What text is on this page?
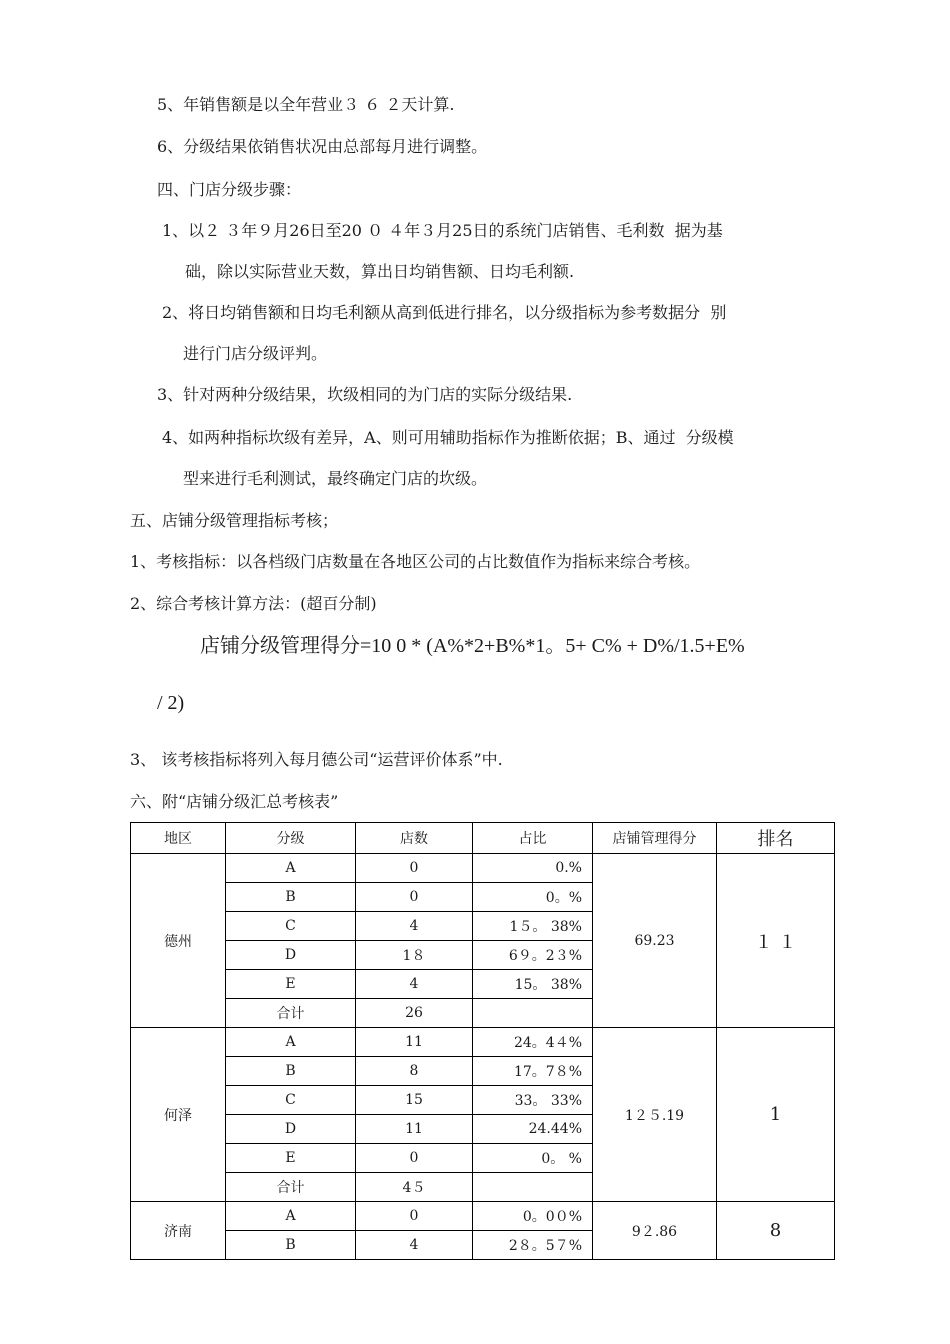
5、年销售额是以全年营业３ ６ ２天计算.
6、分级结果依销售状况由总部每月进行调整。
四、门店分级步骤：
1、以２ ３年９月26日至20 ０ ４年３月25日的系统门店销售、毛利数  据为基
础，除以实际营业天数，算出日均销售额、日均毛利额.
2、将日均销售额和日均毛利额从高到低进行排名，以分级指标为参考数据分  别
进行门店分级评判。
3、针对两种分级结果，坎级相同的为门店的实际分级结果.
4、如两种指标坎级有差异，A、则可用辅助指标作为推断依据；B、通过  分级模
型来进行毛利测试，最终确定门店的坎级。
五、店铺分级管理指标考核；
1、考核指标：以各档级门店数量在各地区公司的占比数值作为指标来综合考核。
2、综合考核计算方法：(超百分制)
店铺分级管理得分=10 0 * (A%*2+B%*1。5+ C% + D%/1.5+E%
/ 2)
3、 该考核指标将列入每月德公司“运营评价体系”中.
六、附“店铺分级汇总考核表”
地区	分级	店数	占比	店铺管理得分	排名
德州	A	0	0.%	69.23	１ １
	B	0	0。%		
	C	4	1５。 38%		
	D	1８	6９。2３%		
	E	4	15。 38%		
	合计	26			
何泽	A	11	24。4４%	1２５.19	1
	B	8	17。7８%		
	C	15	33。 33%		
	D	11	24.44%		
	E	0	0。 %		
	合计	4５			
济南	A	0	0。0０%	9２.86	8
	B	4	2８。5７%		
